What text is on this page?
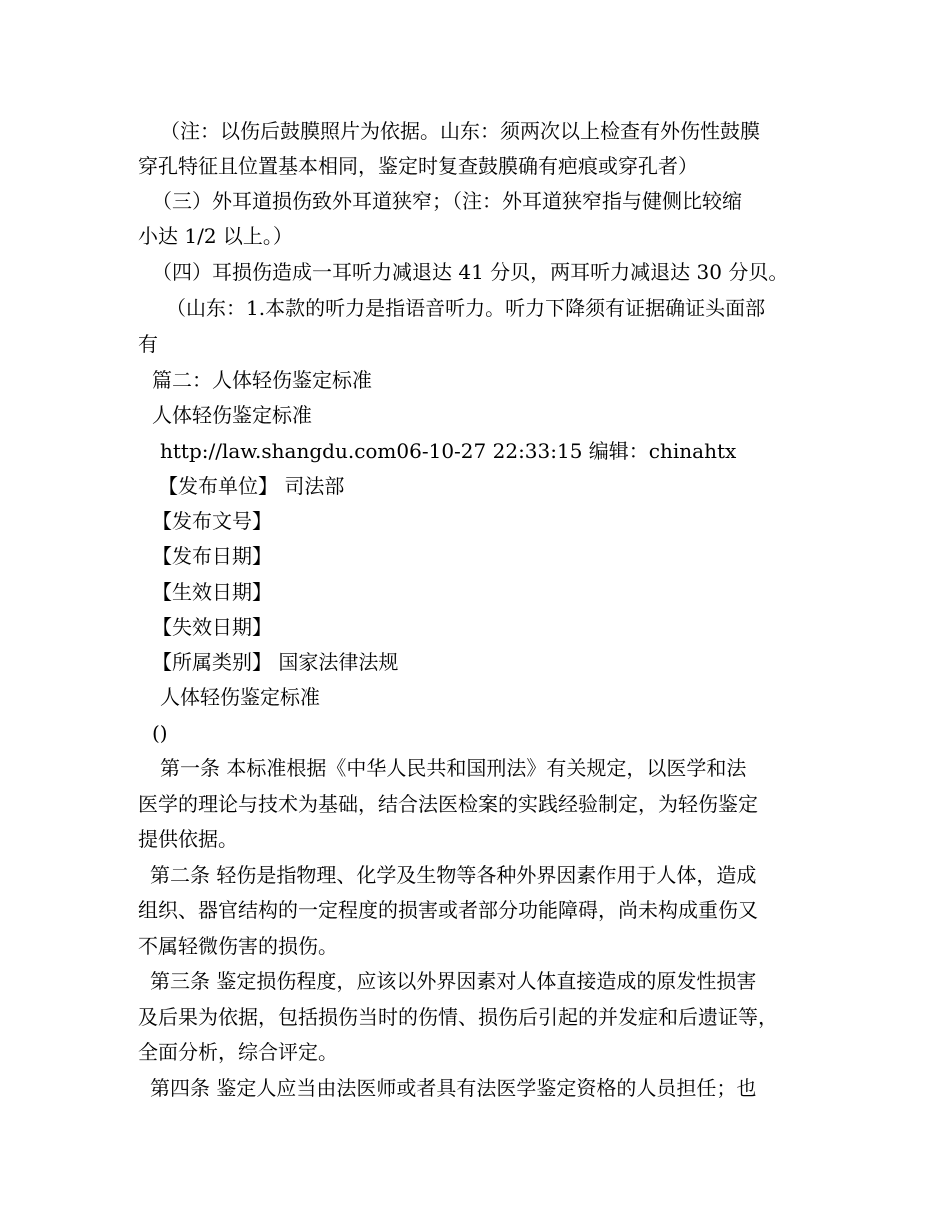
（注：以伤后鼓膜照片为依据。山东：须两次以上检查有外伤性鼓膜

穿孔特征且位置基本相同，鉴定时复查鼓膜确有疤痕或穿孔者）

（三）外耳道损伤致外耳道狭窄；（注：外耳道狭窄指与健侧比较缩

小达 1/2 以上。）

（四）耳损伤造成一耳听力减退达 41 分贝，两耳听力减退达 30 分贝。

（山东：1.本款的听力是指语音听力。听力下降须有证据确证头面部

有

篇二：人体轻伤鉴定标准

人体轻伤鉴定标准

http://law.shangdu.com06-10-27 22:33:15 编辑：chinahtx

【发布单位】 司法部

【发布文号】

【发布日期】

【生效日期】

【失效日期】

【所属类别】 国家法律法规

人体轻伤鉴定标准

()

第一条 本标准根据《中华人民共和国刑法》有关规定，以医学和法

医学的理论与技术为基础，结合法医检案的实践经验制定，为轻伤鉴定

提供依据。

第二条 轻伤是指物理、化学及生物等各种外界因素作用于人体，造成

组织、器官结构的一定程度的损害或者部分功能障碍，尚未构成重伤又

不属轻微伤害的损伤。

第三条 鉴定损伤程度，应该以外界因素对人体直接造成的原发性损害

及后果为依据，包括损伤当时的伤情、损伤后引起的并发症和后遗证等，

全面分析，综合评定。

第四条 鉴定人应当由法医师或者具有法医学鉴定资格的人员担任；也
